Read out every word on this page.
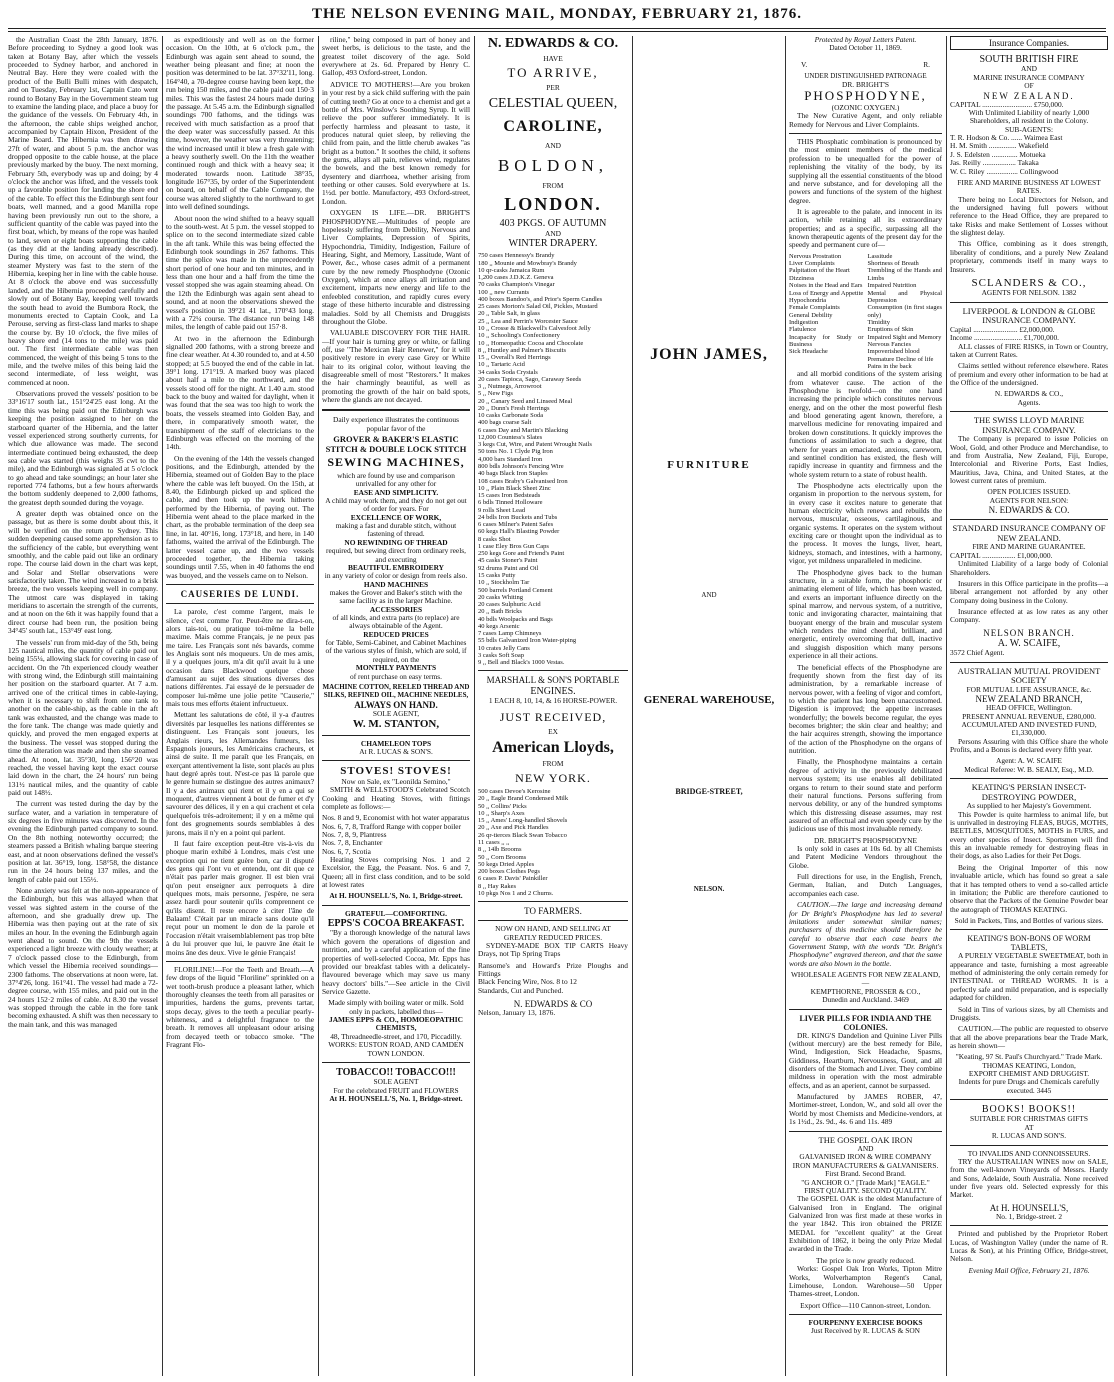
THE NELSON EVENING MAIL, MONDAY, FEBRUARY 21, 1876.

the Australian Coast the 28th January, 1876. Before proceeding to Sydney a good look was taken at Botany Bay, after which the vessels proceeded to Sydney harbor, and anchored in Neutral Bay. Here they were coaled with the product of the Bulli Bulli mines with despatch, and on Tuesday, February 1st, Captain Cato went round to Botany Bay in the Government steam tug to examine the landing place, and place a buoy for the guidance of the vessels. On February 4th, in the afternoon, the cable ships weighed anchor, accompanied by Captain Hixon, President of the Marine Board. The Hibernia was then drawing 27ft of water, and about 5 p.m. the anchor was dropped opposite to the cable house, at the place previously marked by the buoy. The next morning, February 5th, everybody was up and doing; by 4 o'clock the anchor was lifted, and the vessels took up a favorable position for landing the shore end of the cable. To effect this the Edinburgh sent four boats, well manned, and a good Manilla rope having been previously run out to the shore, a sufficient quantity of the cable was payed into the first boat, which, by means of the rope was hauled to land, seven or eight boats supporting the cable (as they did at the landing already described). During this time, on account of the wind, the steamer Mystery was fast to the stern of the Hibernia, keeping her in line with the cable house. At 8 o'clock the above end was successfully landed, and the Hibernia proceeded carefully and slowly out of Botany Bay, keeping well towards the south head to avoid the Bumbora Rock, the monuments erected to Captain Cook, and La Perouse, serving as first-class land marks to shape the course by. By 10 o'clock, the five miles of heavy shore end (14 tons to the mile) was paid out. The first intermediate cable was then commenced, the weight of this being 5 tons to the mile, and the twelve miles of this being laid the second intermediate, of less weight, was commenced at noon.

Observations proved the vessels' position to be 33°16'17 south lat., 151°24'25 east long. At the time this was being paid out the Edinburgh was keeping the position assigned to her on the starboard quarter of the Hibernia, and the latter vessel experienced strong southerly currents, for which due allowance was made. The second intermediate continued being exhausted, the deep sea cable was started (this weighs 35 cwt to the mile), and the Edinburgh was signaled at 5 o'clock to go ahead and take soundings; an hour later she reported 774 fathoms, but a few hours afterwards the bottom suddenly deepened to 2,000 fathoms, the greatest depth sounded during the voyage.

A greater depth was obtained once on the passage, but as there is some doubt about this, it will be verified on the return to Sydney. This sudden deepening caused some apprehension as to the sufficiency of the cable, but everything went smoothly, and the cable paid out like an ordinary rope. The course laid down in the chart was kept, and Solar and Stellar observations were satisfactorily taken. The wind increased to a brisk breeze, the two vessels keeping well in company. The utmost care was displayed in taking meridians to ascertain the strength of the currents, and at noon on the 6th it was happily found that a direct course had been run, the position being 34°45' south lat., 153°49' east long.

The vessels' run from mid-day of the 5th, being 125 nautical miles, the quantity of cable paid out being 155¼, allowing slack for covering in case of accident. On the 7th experienced cloudy weather with strong wind, the Edinburgh still maintaining her position on the starboard quarter. At 7 a.m. arrived one of the critical times in cable-laying, when it is necessary to shift from one tank to another on the cable-ship, as the cable in the aft tank was exhausted, and the change was made to the fore tank. The change was made quietly and quickly, and proved the men engaged experts at the business. The vessel was stopped during the time the alteration was made and then she steamed ahead. At noon, lat. 35°30, long. 156°20 was reached, the vessel having kept the exact course laid down in the chart, the 24 hours' run being 131½ nautical miles, and the quantity of cable paid out 148½.

The current was tested during the day by the surface water, and a variation in temperature of six degrees in five minutes was discovered. In the evening the Edinburgh parted company to sound. On the 8th nothing noteworthy occurred; the steamers passed a British whaling barque steering east, and at noon observations defined the vessel's position at lat. 36°19, long. 158°58, the distance run in the 24 hours being 137 miles, and the length of cable paid out 155½.

None anxiety was felt at the non-appearance of the Edinburgh, but this was allayed when that vessel was sighted astern in the course of the afternoon, and she gradually drew up. The Hibernia was then paying out at the rate of six miles an hour. In the evening the Edinburgh again went ahead to sound. On the 9th the vessels experienced a light breeze with cloudy weather; at 7 o'clock passed close to the Edinburgh, from which vessel the Hibernia received soundings—2300 fathoms. The observations at noon were, lat. 37°4'26, long. 161°41. The vessel had made a 72-degree course, with 155 miles, and paid out in the 24 hours 152·2 miles of cable. At 8.30 the vessel was stopped through the cable in the fore tank becoming exhausted. A shift was then necessary to the main tank, and this was managed

as expeditiously and well as on the former occasion. On the 10th, at 6 o'clock p.m., the Edinburgh was again sent ahead to sound, the weather being pleasant and fine; at noon the position was determined to be lat. 37°32'11, long. 164°40, a 70-degree course having been kept, the run being 150 miles, and the cable paid out 150·3 miles. This was the fastest 24 hours made during the passage. At 5.45 a.m. the Edinburgh signalled soundings 700 fathoms, and the tidings was received with much satisfaction as a proof that the deep water was successfully passed. At this time, however, the weather was very threatening; the wind increased until it blew a fresh gale with a heavy southerly swell. On the 11th the weather continued rough and thick with a heavy sea; it moderated towards noon. Latitude 38°35, longitude 167°35, by order of the Superintendent on board, on behalf of the Cable Company, the course was altered slightly to the northward to get into well defined soundings.

About noon the wind shifted to a heavy squall to the south-west. At 5 p.m. the vessel stopped to splice on to the second intermediate sized cable in the aft tank. While this was being effected the Edinburgh took soundings in 267 fathoms. This time the splice was made in the unprecedently short period of one hour and ten minutes, and in less than one hour and a half from the time the vessel stopped she was again steaming ahead. On the 12th the Edinburgh was again sent ahead to sound, and at noon the observations shewed the vessel's position in 39°21 41 lat., 170°43 long. with a 72¼ course. The distance run being 148 miles, the length of cable paid out 157·8.

At two in the afternoon the Edinburgh signalled 200 fathoms, with a strong breeze and fine clear weather. At 4.30 rounded to, and at 4.50 stopped; at 5.5 buoyed the end of the cable in lat. 39°1 long. 171°19. A marked buoy was placed about half a mile to the northward, and the vessels stood off for the night. At 1.40 a.m. stood back to the buoy and waited for daylight, when it was found that the sea was too high to work the boats, the vessels steamed into Golden Bay, and there, in comparatively smooth water, the transhipment of the staff of electricians to the Edinburgh was effected on the morning of the 14th.

On the evening of the 14th the vessels changed positions, and the Edinburgh, attended by the Hibernia, steamed out of Golden Bay to the place where the cable was left buoyed. On the 15th, at 8.40, the Edinburgh picked up and spliced the cable, and then took up the work hitherto performed by the Hibernia, of paying out. The Hibernia went ahead to the place marked in the chart, as the probable termination of the deep sea line, in lat. 40°16, long. 173°18, and here, in 140 fathoms, waited the arrival of the Edinburgh. The latter vessel came up, and the two vessels proceeded together, the Hibernia taking soundings until 7.55, when in 40 fathoms the end was buoyed, and the vessels came on to Nelson.

CAUSERIES DE LUNDI.

La parole, c'est comme l'argent, mais le silence, c'est comme l'or. Peut-être ne dira-t-on, alors tais-toi, ou pratique toi-même la belle maxime. Mais comme Français, je ne peux pas me taire. Les Français sont nés bavards, comme les Anglais sont nés moqueurs. Un de mes amis, il y a quelques jours, m'a dit qu'il avait lu à une occasion dans Blackwood quelque chose d'amusant au sujet des situations diverses des nations différentes. J'ai essayé de le persuader de composer lui-même une jolie petite "Causerie," mais tous mes efforts étaient infructueux.

Mettant les salutations de côté, il y-a d'autres diversités par lesquelles les nations différentes se distinguent. Les Français sont joueurs, les Anglais rieurs, les Allemandes fumeurs, les Espagnols joueurs, les Américains cracheurs, et ainsi de suite. Il me paraît que les Français, en exerçant attentivement la liste, sont placés au plus haut degré après tout. N'est-ce pas là parole que le genre humain se distingue des autres animaux? Il y a des animaux qui rient et il y en a qui se moquent, d'autres viennent à bout de fumer et d'y savourer des délices, il y en a qui crachent et cela quelquefois très-adroitement; il y en a même qui font des grognements sourds semblables à des jurons, mais il n'y en a point qui parlent.

Il faut faire exception peut-être vis-à-vis du phoque marin exhibé à Londres, mais c'est une exception qui ne tient guère bon, car il disputé des gens qui l'ont vu et entendu, ont dit que ce n'était pas parler mais grogner. Il est bien vrai qu'on peut enseigner aux perroquets à dire quelques mots, mais personne, j'espère, ne sera assez hardi pour soutenir qu'ils comprennent ce qu'ils disent. Il reste encore à citer l'âne de Balaam! C'était par un miracle sans doute qu'il reçut pour un moment le don de la parole et l'occasion n'était vraisemblablement pas trop bête à du lui prouver que lui, le pauvre âne était le moins âne des deux. Vive le génie Français!

FLORILINE!—For the Teeth and Breath.—A few drops of the liquid "Floriline" sprinkled on a wet tooth-brush produce a pleasant lather, which thoroughly cleanses the teeth from all parasites or impurities, hardens the gums, prevents tartar, stops decay, gives to the teeth a peculiar pearly-whiteness, and a delightful fragrance to the breath. It removes all unpleasant odour arising from decayed teeth or tobacco smoke. "The Fragrant Flo-

riline," being composed in part of honey and sweet herbs, is delicious to the taste, and the greatest toilet discovery of the age. Sold everywhere at 2s. 6d. Prepared by Henry C. Gallop, 493 Oxford-street, London.

ADVICE TO MOTHERS!—Are you broken in your rest by a sick child suffering with the pain of cutting teeth? Go at once to a chemist and get a bottle of Mrs. Winslow's Soothing Syrup. It will relieve the poor sufferer immediately. It is perfectly harmless and pleasant to taste, it produces natural quiet sleep, by relieving the child from pain, and the little cherub awakes "as bright as a button." It soothes the child, it softens the gums, allays all pain, relieves wind, regulates the bowels, and the best known remedy for dysentery and diarrhoea, whether arising from teething or other causes. Sold everywhere at 1s. 1½d. per bottle. Manufactory, 493 Oxford-street, London.

OXYGEN IS LIFE.—DR. BRIGHT'S PHOSPHODYNE.—Multitudes of people are hopelessly suffering from Debility, Nervous and Liver Complaints, Depression of Spirits, Hypochondria, Timidity, Indigestion, Failure of Hearing, Sight, and Memory, Lassitude, Want of Power, &c., whose cases admit of a permanent cure by the new remedy Phosphodyne (Ozonic Oxygen), which at once allays all irritation and excitement, imparts new energy and life to the enfeebled constitution, and rapidly cures every stage of these hitherto incurable and distressing maladies. Sold by all Chemists and Druggists throughout the Globe.

VALUABLE DISCOVERY FOR THE HAIR.—If your hair is turning grey or white, or falling off, use "The Mexican Hair Renewer," for it will positively restore in every case Grey or White hair to its original color, without leaving the disagreeable smell of most "Restorers." It makes the hair charmingly beautiful, as well as promoting the growth of the hair on bald spots, where the glands are not decayed.

Daily experience illustrates the continuous popular favor of the
GROVER & BAKER'S ELASTIC STITCH & DOUBLE LOCK STITCH
SEWING MACHINES,
which are found by use and comparison unrivalled for any other for
EASE AND SIMPLICITY.
A child may work them, and they do not get out of order for years. For
EXCELLENCE OF WORK,
making a fast and durable stitch, without fastening of thread.
NO REWINDING OF THREAD
required, but sewing direct from ordinary reels, and executing
BEAUTIFUL EMBROIDERY
in any variety of color or design from reels also.
HAND MACHINES
makes the Grover and Baker's stitch with the same facility as in the larger Machine.
ACCESSORIES
of all kinds, and extra parts (to replace) are always obtainable of the Agent.
REDUCED PRICES
for Table, Semi-Cabinet, and Cabinet Machines of the various styles of finish, which are sold, if required, on the
MONTHLY PAYMENTS
of rent purchase on easy terms.
MACHINE COTTON, REELED THREAD AND SILKS, REFINED OIL, MACHINE NEEDLES,
ALWAYS ON HAND.
SOLE AGENT,
W. M. STANTON,
CHAMELEON TOPS
At R. LUCAS & SON'S.
STOVES! STOVES!
Now on Sale, ex "Leonilda Semino,"

SMITH & WELLSTOOD'S Celebrated Scotch Cooking and Heating Stoves, with fittings complete as follows:—

Nos. 8 and 9, Economist with hot water apparatus
Nos. 6, 7, 8, Trafford Range with copper boiler
Nos. 7, 8, 9, Plantress
Nos. 7, 8, Enchanter
Nos. 6, 7, Scotia

Heating Stoves comprising Nos. 1 and 2 Excelsior, the Egg, the Peasant. Nos. 6 and 7, Queen; all in first class condition, and to be sold at lowest rates

At H. HOUNSELL'S, No. 1, Bridge-street.
GRATEFUL—COMFORTING.
EPPS'S COCOA BREAKFAST.

"By a thorough knowledge of the natural laws which govern the operations of digestion and nutrition, and by a careful application of the fine properties of well-selected Cocoa, Mr. Epps has provided our breakfast tables with a delicately-flavoured beverage which may save us many heavy doctors' bills."—See article in the Civil Service Gazette.

Made simply with boiling water or milk. Sold only in packets, labelled thus—
JAMES EPPS & CO., HOMOEOPATHIC CHEMISTS,
48, Threadneedle-street, and 170, Piccadilly.
WORKS: EUSTON ROAD, AND CAMDEN TOWN LONDON.
TOBACCO!! TOBACCO!!!
SOLE AGENT
For the celebrated FRUIT and FLOWERS
At H. HOUNSELL'S, No. 1, Bridge-street.
N. EDWARDS & CO.
HAVE
TO ARRIVE,
PER
CELESTIAL QUEEN,
CAROLINE,
AND
BOLDON,
FROM
LONDON.
403 PKGS. OF AUTUMN
AND
WINTER DRAPERY.
750 cases Hennessy's Brandy
180 ,, Mounie and Mowbray's Brandy
10 qr-casks Jamaica Rum
1,200 cases J.D.K.Z. Geneva
70 casks Champion's Vinegar
100 ,, new Currants
400 boxes Bandoo's, and Prior's Sperm Candles
25 cases Morton's Salad Oil, Pickles, Mustard
20 ,, Table Salt, in glass
25 ,, Lea and Perrin's Worcester Sauce
10 ,, Crosse & Blackwell's Calvesfoot Jelly
10 ,, Schooling's Confectionery
10 ,, Homeopathic Cocoa and Chocolate
8 ,, Huntley and Palmer's Biscuits
15 ,, Overall's Red Herrings
10 ,, Tartaric Acid
34 casks Soda Crystals
20 cases Tapioca, Sago, Caraway Seeds
3 ,, Nutmegs, Arrowroot
5 ,, New Figs
20 ,, Canary Seed and Linseed Meal
20 ,, Dunn's Fresh Herrings
10 casks Carbonate Soda
400 bags coarse Salt
6 cases Day and Martin's Blacking
12,000 Countess's Slates
3 kegs Cut, Wire, and Patent Wrought Nails
50 tons No. 1 Clyde Pig Iron
4,000 bars Standard Iron
800 bdls Johnson's Fencing Wire
40 bags Black Iron Staples
108 cases Braby's Galvanised Iron
10 ,, Plain Black Sheet Zinc
15 cases Iron Bedsteads
6 bdls Tinned Holloware
9 rolls Sheet Lead
24 bdls Iron Buckets and Tubs
6 cases Milner's Patent Safes
60 kegs Hall's Blasting Powder
8 casks Shot
1 case Eley Bros Gun Caps
250 kegs Gore and Friend's Paint
45 casks Stoner's Paint
92 drums Paint and Oil
15 casks Putty
10 ,, Stockholm Tar
500 barrels Portland Cement
20 casks Whiting
20 cases Sulphuric Acid
20 ,, Bath Bricks
40 bdls Woolpacks and Bags
40 kegs Arsenic
7 cases Lamp Chimneys
55 bdls Galvanized Iron Water-piping
10 crates Jelly Cans
3 casks Soft Soap
9 ,, Bell and Black's 1000 Vestas.
MARSHALL & SON'S PORTABLE
ENGINES.
1 EACH 8, 10, 14, & 16 HORSE-POWER.
JUST RECEIVED,
EX
American Lloyds,
FROM
NEW YORK.
500 cases Devoe's Kerosine
20 ,, Eagle Brand Condensed Milk
50 ,, Collins' Picks
10 ,, Sharp's Axes
15 ,, Ames' Long-handled Shovels
20 ,, Axe and Pick Handles
26 qr-tierces Black Swan Tobacco
11 cases ,, ,,
8 ,, 14lb Brooms
50 ,, Corn Brooms
50 kegs Dried Apples
200 boxes Clothes Pegs
6 cases P. Davis' Painkiller
8 ,, Hay Rakes
10 pkgs Nos 1 and 2 Churns.
TO FARMERS.
NOW ON HAND, AND SELLING AT GREATLY REDUCED PRICES.

SYDNEY-MADE BOX TIP CARTS Heavy Drays, not Tip Spring Traps

Ransome's and Howard's Prize Ploughs and Fittings
Black Fencing Wire, Nos. 8 to 12
Standards, Cut and Punched.
N. EDWARDS & CO
Nelson, January 13, 1876.
JOHN JAMES,
FURNITURE
AND
GENERAL WAREHOUSE,
BRIDGE-STREET,
NELSON.
Protected by Royal Letters Patent.
Dated October 11, 1869.
V.	R.
UNDER DISTINGUISHED PATRONAGE
DR. BRIGHT'S
PHOSPHODYNE,
(OZONIC OXYGEN.)

The New Curative Agent, and only reliable Remedy for Nervous and Liver Complaints.

THIS Phosphatic combination is pronounced by the most eminent members of the medical profession to be unequalled for the power of replenishing the vitality of the body, by its supplying all the essential constituents of the blood and nerve substance, and for developing all the powers and functions of the system of the highest degree.

It is agreeable to the palate, and innocent in its action, while retaining all its extraordinary properties; and as a specific, surpassing all the known therapeutic agents of the present day for the speedy and permanent cure of—

Nervous Prostration
Liver Complaints
Palpitation of the Heart
Dizziness
Noises in the Head and Ears
Loss of Energy and Appetite
Hypochondria
Female Complaints
General Debility
Indigestion
Flatulence
Incapacity for Study or Business
Sick Headache
Lassitude
Shortness of Breath
Trembling of the Hands and Limbs
Impaired Nutrition
Mental and Physical Depression
Consumption (in first stages only)
Timidity
Eruptions of Skin
Impaired Sight and Memory
Nervous Fancies
Impoverished blood
Premature Decline of life
Pains in the back

and all morbid conditions of the system arising from whatever cause. The action of the Phosphodyne is twofold—on the one hand increasing the principle which constitutes nervous energy, and on the other the most powerful flesh and blood generating agent known, therefore, a marvellous medicine for renovating impaired and broken down constitutions. It quickly improves the functions of assimilation to such a degree, that where for years an emaciated, anxious, careworn, and sentinel condition has existed, the flesh will rapidly increase in quantity and firmness and the whole system return to a state of robust health.

The Phosphodyne acts electrically upon the organism in proportion to the nervous system, for in every case it excites nature to generate that human electricity which renews and rebuilds the nervous, muscular, osseous, cartilaginous, and organic systems. It operates on the system without exciting care or thought upon the individual as to the process. It moves the lungs, liver, heart, kidneys, stomach, and intestines, with a harmony, vigor, yet mildness unparalleled in medicine.

The Phosphodyne gives back to the human structure, in a suitable form, the phosphoric or animating element of life, which has been wasted, and exerts an important influence directly on the spinal marrow, and nervous system, of a nutritive, tonic and invigorating character, maintaining that buoyant energy of the brain and muscular system which renders the mind cheerful, brilliant, and energetic, entirely overcoming that dull, inactive and sluggish disposition which many persons experience in all their actions.

The beneficial effects of the Phosphodyne are frequently shown from the first day of its administration, by a remarkable increase of nervous power, with a feeling of vigor and comfort, to which the patient has long been unaccustomed. Digestion is improved; the appetite increases wonderfully; the bowels become regular, the eyes becomes brighter; the skin clear and healthy; and the hair acquires strength, showing the importance of the action of the Phosphodyne on the organs of nutrition.

Finally, the Phosphodyne maintains a certain degree of activity in the previously debilitated nervous system; its use enables all debilitated organs to return to their sound state and perform their natural functions. Persons suffering from nervous debility, or any of the hundred symptoms which this distressing disease assumes, may rest assured of an effectual and even speedy cure by the judicious use of this most invaluable remedy.

DR. BRIGHT'S PHOSPHODYNE

Is only sold in cases at 10s 6d. by all Chemists and Patent Medicine Vendors throughout the Globe.

Full directions for use, in the English, French, German, Italian, and Dutch Languages, accompanies each case.

CAUTION.—The large and increasing demand for Dr Bright's Phosphodyne has led to several imitations under somewhat similar names; purchasers of this medicine should therefore be careful to observe that each case bears the Government Stamp, with the words "Dr. Bright's Phosphodyne" engraved thereon, and that the same words are also blown in the bottle.

WHOLESALE AGENTS FOR NEW ZEALAND,—
KEMPTHORNE, PROSSER & CO.,
Dunedin and Auckland. 3469
LIVER PILLS FOR INDIA AND THE COLONIES.

DR. KING'S Dandelion and Quinine Liver Pills (without mercury) are the best remedy for Bile, Wind, Indigestion, Sick Headache, Spasms, Giddiness, Heartburn, Nervousness, Gout, and all disorders of the Stomach and Liver. They combine mildness in operation with the most admirable effects, and as an aperient, cannot be surpassed.

Manufactured by JAMES ROBER, 47, Mortimer-street, London, W., and sold all over the World by most Chemists and Medicine-vendors, at 1s 1½d., 2s. 9d., 4s. 6 and 11s. 489

THE GOSPEL OAK IRON
AND
GALVANISED IRON & WIRE COMPANY
IRON MANUFACTURERS & GALVANISERS.
First Brand. Second Brand.
"G ANCHOR O." [Trade Mark] "EAGLE."
FIRST QUALITY. SECOND QUALITY.

The GOSPEL OAK is the oldest Manufacture of Galvanised Iron in England. The original Galvanized Iron was first made at these works in the year 1842. This iron obtained the PRIZE MEDAL for "excellent quality" at the Great Exhibition of 1862, it being the only Prize Medal awarded in the Trade.

The price is now greatly reduced.

Works: Gospel Oak Iron Works, Tipton Mitre Works, Wolverhampton Regent's Canal, Limehouse, London. Warehouse—50 Upper Thames-street, London.

Export Office—110 Cannon-street, London.
FOURPENNY EXERCISE BOOKS
Just Received by R. LUCAS & SON
Insurance Companies.
SOUTH BRITISH FIRE
AND
MARINE INSURANCE COMPANY
OF
NEW ZEALAND.
CAPITAL ........................... £750,000.
With Unlimited Liability of nearly 1,000 Shareholders, all resident in the Colony.
SUB-AGENTS:
T. R. Hodson & Co. ...... Waimea East
H. M. Smith ............... Wakefield
J. S. Edelsten .............. Motueka
Jas. Reilly .................. Takaka
W. C. Riley ................. Collingwood
FIRE AND MARINE BUSINESS AT LOWEST RATES.

There being no Local Directors for Nelson, and the undersigned having full powers without reference to the Head Office, they are prepared to take Risks and make Settlement of Losses without the slightest delay.

This Office, combining as it does strength, liberality of conditions, and a purely New Zealand proprietary, commends itself in many ways to Insurers.

SCLANDERS & CO.,
AGENTS FOR NELSON. 1382
LIVERPOOL & LONDON & GLOBE INSURANCE COMPANY.
Capital ........................ £2,000,000.
Income .......................... £1,700,000.

ALL classes of FIRE RISKS, in Town or Country, taken at Current Rates.

Claims settled without reference elsewhere. Rates of premium and every other information to be had at the Office of the undersigned.

N. EDWARDS & CO.,
Agents.
THE SWISS LLOYD MARINE INSURANCE COMPANY.

The Company is prepared to issue Policies on Wool, Gold, and other Produce and Merchandise, to and from Australia, New Zealand, Fiji, Europe, Intercolonial and Riverine Ports, East Indies, Mauritius, Java, China, and United States, at the lowest current rates of premium.

OPEN POLICIES ISSUED.
AGENTS FOR NELSON:
N. EDWARDS & CO.
STANDARD INSURANCE COMPANY OF NEW ZEALAND.
FIRE AND MARINE GUARANTEE.
CAPITAL .................. £1,000,000.

Unlimited Liability of a large body of Colonial Shareholders.

Insurers in this Office participate in the profits—a liberal arrangement not afforded by any other Company doing business in the Colony.

Insurance effected at as low rates as any other Company.

NELSON BRANCH.
A. W. SCAIFE,
3572 Chief Agent.
AUSTRALIAN MUTUAL PROVIDENT SOCIETY
FOR MUTUAL LIFE ASSURANCE, &c.
NEW ZEALAND BRANCH,
HEAD OFFICE, Wellington.
PRESENT ANNUAL REVENUE, £280,000.
ACCUMULATED AND INVESTED FUND, £1,330,000.

Persons Assuring with this Office share the whole Profits, and a Bonus is declared every fifth year.

Agent: A. W. SCAIFE
Medical Referee: W. B. SEALY, Esq., M.D.
KEATING'S PERSIAN INSECT-DESTROYING POWDER,
As supplied to her Majesty's Government.

This Powder is quite harmless to animal life, but is unrivalled in destroying FLEAS, BUGS, MOTHS, BEETLES, MOSQUITOES, MOTHS in FURS, and every other species of Insect. Sportsmen will find this an invaluable remedy for destroying fleas in their dogs, as also Ladies for their Pet Dogs.

Being the Original Importer of this now invaluable article, which has found so great a sale that it has tempted others to vend a so-called article in imitation; the Public are therefore cautioned to observe that the Packets of the Genuine Powder bear the autograph of THOMAS KEATING.

Sold in Packets, Tins, and Bottles of various sizes.
KEATING'S BON-BONS OF WORM TABLETS,

A PURELY VEGETABLE SWEETMEAT, both in appearance and taste, furnishing a most agreeable method of administering the only certain remedy for INTESTINAL or THREAD WORMS. It is a perfectly safe and mild preparation, and is especially adapted for children.

Sold in Tins of various sizes, by all Chemists and Druggists.

CAUTION.—The public are requested to observe that all the above preparations bear the Trade Mark, as herein shown—

"Keating, 97 St. Paul's Churchyard." Trade Mark.
THOMAS KEATING, London,
EXPORT CHEMIST AND DRUGGIST.
Indents for pure Drugs and Chemicals carefully executed. 3445
BOOKS! BOOKS!!
SUITABLE FOR CHRISTMAS GIFTS
AT
R. LUCAS AND SON'S.
TO INVALIDS AND CONNOISSEURS.

TRY the AUSTRALIAN WINES now on SALE, from the well-known Vineyards of Messrs. Hardy and Sons, Adelaide, South Australia. None received under five years old. Selected expressly for this Market.

At H. HOUNSELL'S,
No. 1, Bridge-street. 2

Printed and published by the Proprietor Robert Lucas, of Washington Valley (under the name of R. Lucas & Son), at his Printing Office, Bridge-street, Nelson.

Evening Mail Office, February 21, 1876.
